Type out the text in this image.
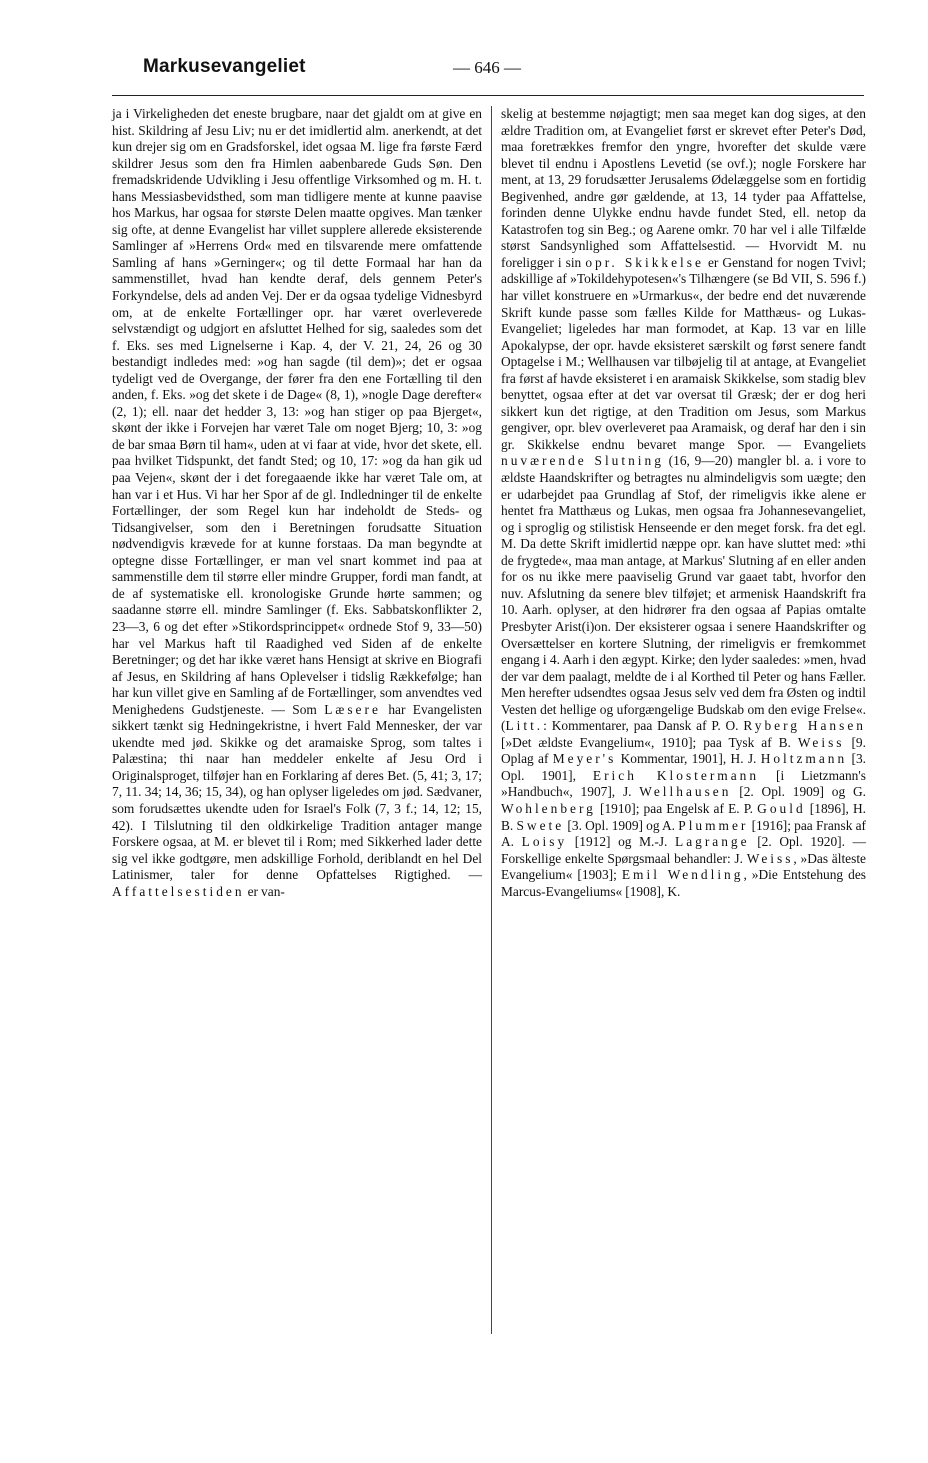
Markusevangeliet	— 646 —

ja i Virkeligheden det eneste brugbare, naar det gjaldt om at give en hist. Skildring af Jesu Liv; nu er det imidlertid alm. anerkendt, at det kun drejer sig om en Gradsforskel, idet ogsaa M. lige fra første Færd skildrer Jesus som den fra Himlen aabenbarede Guds Søn. Den fremadskridende Udvikling i Jesu offentlige Virksomhed og m. H. t. hans Messiasbevidsthed, som man tidligere mente at kunne paavise hos Markus, har ogsaa for største Delen maatte opgives. Man tænker sig ofte, at denne Evangelist har villet supplere allerede eksisterende Samlinger af »Herrens Ord« med en tilsvarende mere omfattende Samling af hans »Gerninger«; og til dette Formaal har han da sammenstillet, hvad han kendte deraf, dels gennem Peter's Forkyndelse, dels ad anden Vej. Der er da ogsaa tydelige Vidnesbyrd om, at de enkelte Fortællinger opr. har været overleverede selvstændigt og udgjort en afsluttet Helhed for sig, saaledes som det f. Eks. ses med Lignelserne i Kap. 4, der V. 21, 24, 26 og 30 bestandigt indledes med: »og han sagde (til dem)»; det er ogsaa tydeligt ved de Overgange, der fører fra den ene Fortælling til den anden, f. Eks. »og det skete i de Dage« (8, 1), »nogle Dage derefter« (2, 1); ell. naar det hedder 3, 13: »og han stiger op paa Bjerget«, skønt der ikke i Forvejen har været Tale om noget Bjerg; 10, 3: »og de bar smaa Børn til ham«, uden at vi faar at vide, hvor det skete, ell. paa hvilket Tidspunkt, det fandt Sted; og 10, 17: »og da han gik ud paa Vejen«, skønt der i det foregaaende ikke har været Tale om, at han var i et Hus. Vi har her Spor af de gl. Indledninger til de enkelte Fortællinger, der som Regel kun har indeholdt de Steds- og Tidsangivelser, som den i Beretningen forudsatte Situation nødvendigvis krævede for at kunne forstaas. Da man begyndte at optegne disse Fortællinger, er man vel snart kommet ind paa at sammenstille dem til større eller mindre Grupper, fordi man fandt, at de af systematiske ell. kronologiske Grunde hørte sammen; og saadanne større ell. mindre Samlinger (f. Eks. Sabbatskonflikter 2, 23—3, 6 og det efter »Stikordsprincippet« ordnede Stof 9, 33—50) har vel Markus haft til Raadighed ved Siden af de enkelte Beretninger; og det har ikke været hans Hensigt at skrive en Biografi af Jesus, en Skildring af hans Oplevelser i tidslig Rækkefølge; han har kun villet give en Samling af de Fortællinger, som anvendtes ved Menighedens Gudstjeneste. — Som Læsere har Evangelisten sikkert tænkt sig Hedningekristne, i hvert Fald Mennesker, der var ukendte med jød. Skikke og det aramaiske Sprog, som taltes i Palæstina; thi naar han meddeler enkelte af Jesu Ord i Originalsproget, tilføjer han en Forklaring af deres Bet. (5, 41; 3, 17; 7, 11. 34; 14, 36; 15, 34), og han oplyser ligeledes om jød. Sædvaner, som forudsættes ukendte uden for Israel's Folk (7, 3 f.; 14, 12; 15, 42). I Tilslutning til den oldkirkelige Tradition antager mange Forskere ogsaa, at M. er blevet til i Rom; med Sikkerhed lader dette sig vel ikke godtgøre, men adskillige Forhold, deriblandt en hel Del Latinismer, taler for denne Opfattelses Rigtighed. — Affattelsestiden er van-

skelig at bestemme nøjagtigt; men saa meget kan dog siges, at den ældre Tradition om, at Evangeliet først er skrevet efter Peter's Død, maa foretrækkes fremfor den yngre, hvorefter det skulde være blevet til endnu i Apostlens Levetid (se ovf.); nogle Forskere har ment, at 13, 29 forudsætter Jerusalems Ødelæggelse som en fortidig Begivenhed, andre gør gældende, at 13, 14 tyder paa Affattelse, forinden denne Ulykke endnu havde fundet Sted, ell. netop da Katastrofen tog sin Beg.; og Aarene omkr. 70 har vel i alle Tilfælde størst Sandsynlighed som Affattelsestid. — Hvorvidt M. nu foreligger i sin opr. Skikkelse er Genstand for nogen Tvivl; adskillige af »Tokildehypotesen«'s Tilhængere (se Bd VII, S. 596 f.) har villet konstruere en »Urmarkus«, der bedre end det nuværende Skrift kunde passe som fælles Kilde for Matthæus- og Lukas-Evangeliet; ligeledes har man formodet, at Kap. 13 var en lille Apokalypse, der opr. havde eksisteret særskilt og først senere fandt Optagelse i M.; Wellhausen var tilbøjelig til at antage, at Evangeliet fra først af havde eksisteret i en aramaisk Skikkelse, som stadig blev benyttet, ogsaa efter at det var oversat til Græsk; der er dog heri sikkert kun det rigtige, at den Tradition om Jesus, som Markus gengiver, opr. blev overleveret paa Aramaisk, og deraf har den i sin gr. Skikkelse endnu bevaret mange Spor. — Evangeliets nuværende Slutning (16, 9—20) mangler bl. a. i vore to ældste Haandskrifter og betragtes nu almindeligvis som uægte; den er udarbejdet paa Grundlag af Stof, der rimeligvis ikke alene er hentet fra Matthæus og Lukas, men ogsaa fra Johannesevangeliet, og i sproglig og stilistisk Henseende er den meget forsk. fra det egl. M. Da dette Skrift imidlertid næppe opr. kan have sluttet med: »thi de frygtede«, maa man antage, at Markus' Slutning af en eller anden for os nu ikke mere paaviselig Grund var gaaet tabt, hvorfor den nuv. Afslutning da senere blev tilføjet; et armenisk Haandskrift fra 10. Aarh. oplyser, at den hidrører fra den ogsaa af Papias omtalte Presbyter Arist(i)on. Der eksisterer ogsaa i senere Haandskrifter og Oversættelser en kortere Slutning, der rimeligvis er fremkommet engang i 4. Aarh i den ægypt. Kirke; den lyder saaledes: »men, hvad der var dem paalagt, meldte de i al Korthed til Peter og hans Fæller. Men herefter udsendtes ogsaa Jesus selv ved dem fra Østen og indtil Vesten det hellige og uforgængelige Budskab om den evige Frelse«. (Litt.: Kommentarer, paa Dansk af P. O. Ryberg Hansen [»Det ældste Evangelium«, 1910]; paa Tysk af B. Weiss [9. Oplag af Meyer's Kommentar, 1901], H. J. Holtzmann [3. Opl. 1901], Erich Klostermann [i Lietzmann's »Handbuch«, 1907], J. Wellhausen [2. Opl. 1909] og G. Wohlenberg [1910]; paa Engelsk af E. P. Gould [1896], H. B. Swete [3. Opl. 1909] og A. Plummer [1916]; paa Fransk af A. Loisy [1912] og M.-J. Lagrange [2. Opl. 1920]. — Forskellige enkelte Spørgsmaal behandler: J. Weiss, »Das älteste Evangelium« [1903]; Emil Wendling, »Die Entstehung des Marcus-Evangeliums« [1908], K.
